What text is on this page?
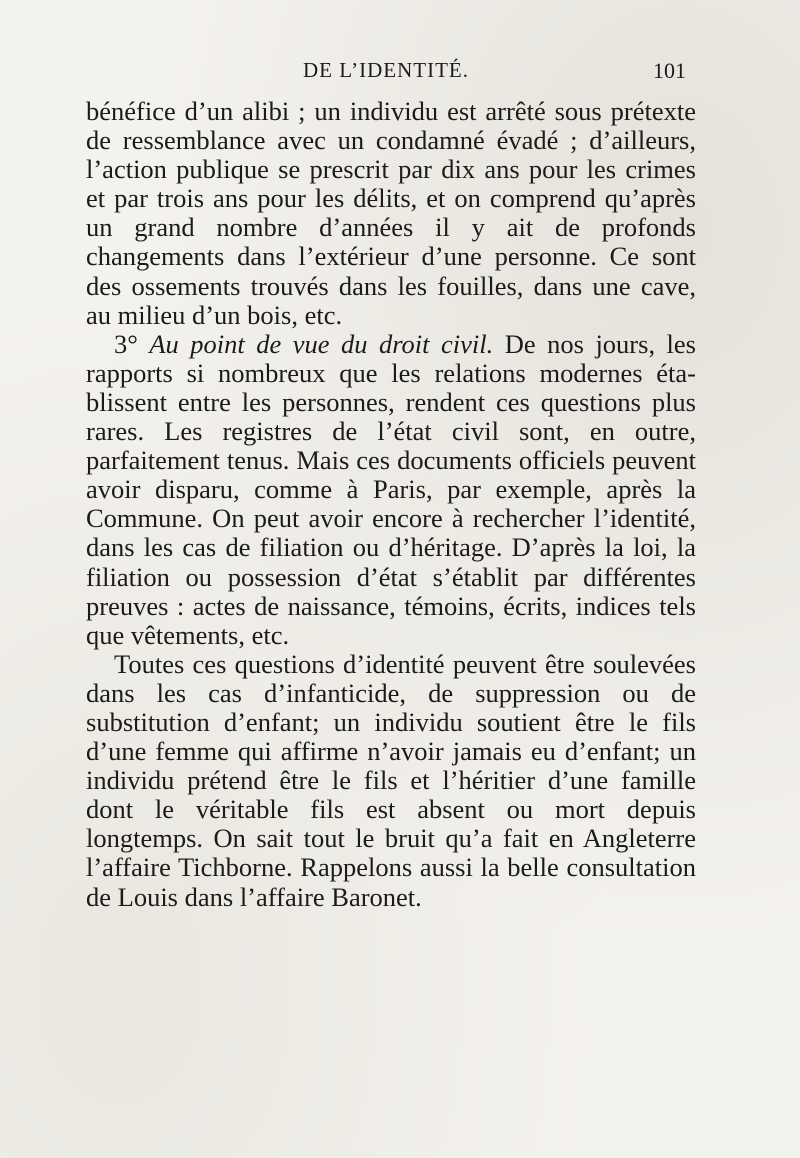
DE L’IDENTITÉ.	101

bénéfice d’un alibi ; un individu est arrêté sous prétexte de ressemblance avec un condamné évadé ; d’ailleurs, l’action publique se prescrit par dix ans pour les crimes et par trois ans pour les délits, et on comprend qu’après un grand nombre d’années il y ait de profonds changements dans l’extérieur d’une personne. Ce sont des ossements trouvés dans les fouilles, dans une cave, au milieu d’un bois, etc.

3° Au point de vue du droit civil. De nos jours, les rapports si nombreux que les relations modernes établissent entre les personnes, rendent ces questions plus rares. Les registres de l’état civil sont, en outre, parfaitement tenus. Mais ces documents officiels peuvent avoir disparu, comme à Paris, par exemple, après la Commune. On peut avoir encore à rechercher l’identité, dans les cas de filiation ou d’héritage. D’après la loi, la filiation ou possession d’état s’établit par différentes preuves : actes de naissance, témoins, écrits, indices tels que vêtements, etc.

Toutes ces questions d’identité peuvent être soulevées dans les cas d’infanticide, de suppression ou de substitution d’enfant; un individu soutient être le fils d’une femme qui affirme n’avoir jamais eu d’enfant; un individu prétend être le fils et l’héritier d’une famille dont le véritable fils est absent ou mort depuis longtemps. On sait tout le bruit qu’a fait en Angleterre l’affaire Tichborne. Rappelons aussi la belle consultation de Louis dans l’affaire Baronet.
